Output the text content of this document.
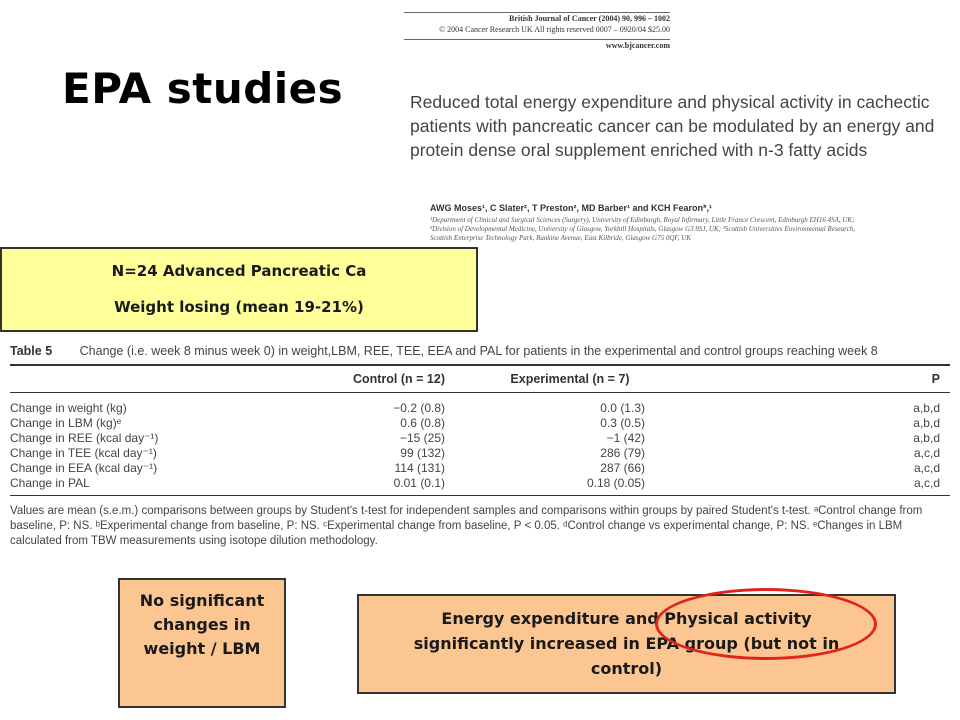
EPA studies
British Journal of Cancer (2004) 90, 996 – 1002
© 2004 Cancer Research UK All rights reserved 0007 – 0920/04 $25.00
www.bjcancer.com
Reduced total energy expenditure and physical activity in cachectic patients with pancreatic cancer can be modulated by an energy and protein dense oral supplement enriched with n-3 fatty acids
AWG Moses¹, C Slater², T Preston², MD Barber¹ and KCH Fearon*,¹
¹Department of Clinical and Surgical Sciences (Surgery), University of Edinburgh, Royal Infirmary, Little France Crescent, Edinburgh EH16 4SA, UK;
²Division of Developmental Medicine, University of Glasgow, Yorkhill Hospitals, Glasgow G3 8SJ, UK; ³Scottish Universities Environmental Research,
Scottish Enterprise Technology Park, Rankine Avenue, East Kilbride, Glasgow G75 0QF, UK
Table 5 Change (i.e. week 8 minus week 0) in weight,LBM, REE, TEE, EEA and PAL for patients in the experimental and control groups reaching week 8
Control (n = 12)	Experimental (n = 7)	P
Change in weight (kg)	−0.2 (0.8)	0.0 (1.3)	a,b,d
Change in LBM (kg)ᵉ	0.6 (0.8)	0.3 (0.5)	a,b,d
Change in REE (kcal day⁻¹)	−15 (25)	−1 (42)	a,b,d
Change in TEE (kcal day⁻¹)	99 (132)	286 (79)	a,c,d
Change in EEA (kcal day⁻¹)	114 (131)	287 (66)	a,c,d
Change in PAL	0.01 (0.1)	0.18 (0.05)	a,c,d
Values are mean (s.e.m.) comparisons between groups by Student's t-test for independent samples and comparisons within groups by paired Student's t-test. ᵃControl change from baseline, P: NS. ᵇExperimental change from baseline, P: NS. ᶜExperimental change from baseline, P < 0.05. ᵈControl change vs experimental change, P: NS. ᵉChanges in LBM calculated from TBW measurements using isotope dilution methodology.
N=24 Advanced Pancreatic Ca
Weight losing (mean 19-21%)
No significant changes in weight / LBM
Energy expenditure and Physical activity significantly increased in EPA group (but not in control)
